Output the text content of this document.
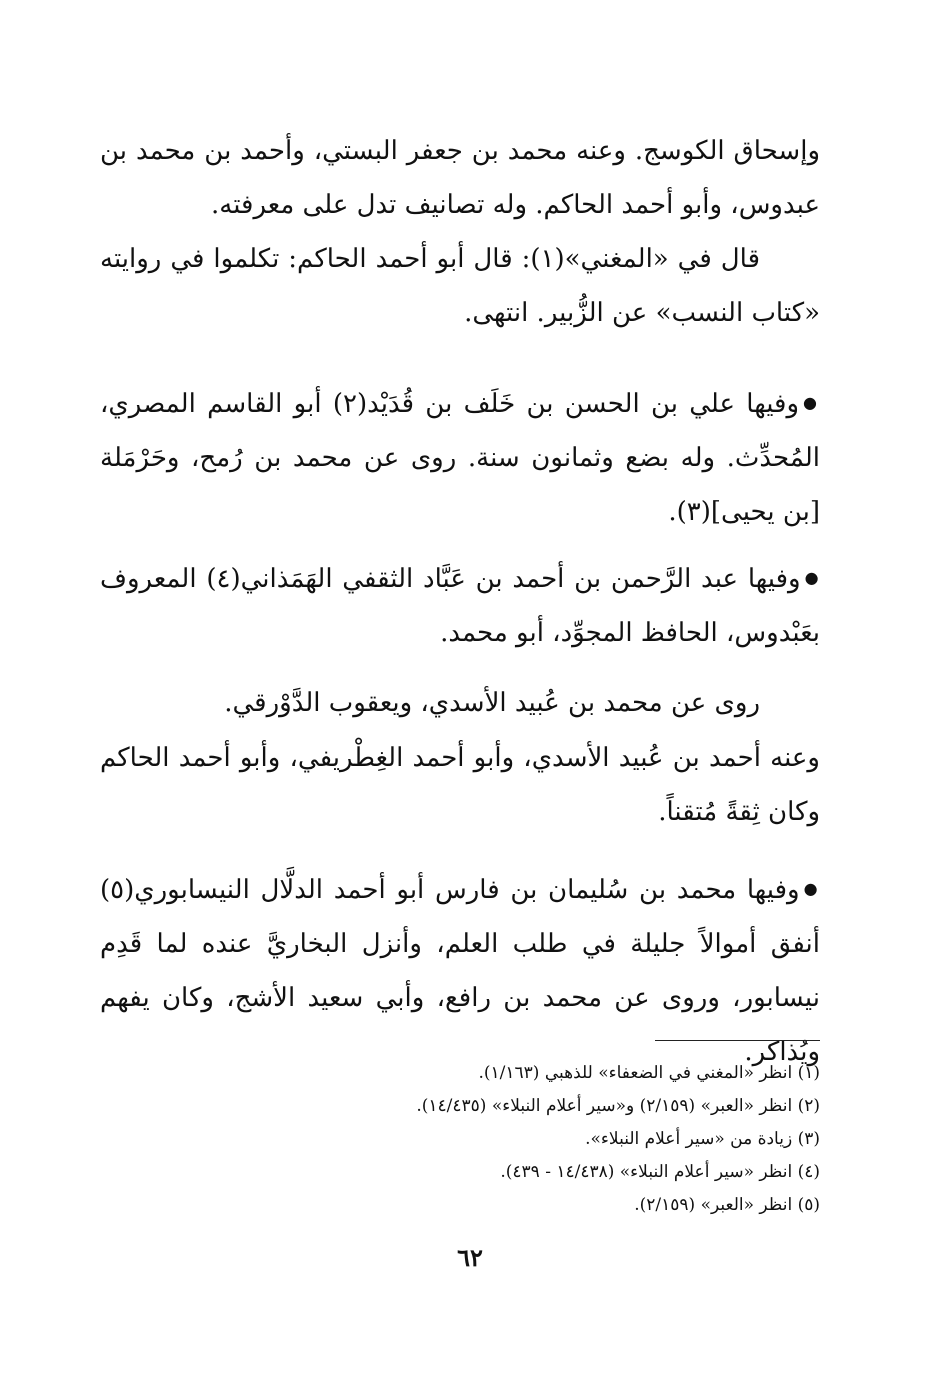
وإسحاق الكوسج. وعنه محمد بن جعفر البستي، وأحمد بن محمد بن عبدوس، وأبو أحمد الحاكم. وله تصانيف تدل على معرفته.

قال في «المغني»(١): قال أبو أحمد الحاكم: تكلموا في روايته «كتاب النسب» عن الزُّبير. انتهى.

● وفيها علي بن الحسن بن خَلَف بن قُدَيْد(٢) أبو القاسم المصري، المُحدِّث. وله بضع وثمانون سنة. روى عن محمد بن رُمح، وحَرْمَلة [بن يحيى](٣).

● وفيها عبد الرَّحمن بن أحمد بن عَبَّاد الثقفي الهَمَذاني(٤) المعروف بعَبْدوس، الحافظ المجوِّد، أبو محمد.

روى عن محمد بن عُبيد الأسدي، ويعقوب الدَّوْرقي.

وعنه أحمد بن عُبيد الأسدي، وأبو أحمد الغِطْريفي، وأبو أحمد الحاكم وكان ثِقةً مُتقناً.

● وفيها محمد بن سُليمان بن فارس أبو أحمد الدلَّال النيسابوري(٥) أنفق أموالاً جليلة في طلب العلم، وأنزل البخاريَّ عنده لما قَدِم نيسابور، وروى عن محمد بن رافع، وأبي سعيد الأشج، وكان يفهم ويُذاكر.

(١) انظر «المغني في الضعفاء» للذهبي (١/١٦٣).
(٢) انظر «العبر» (٢/١٥٩) و«سير أعلام النبلاء» (١٤/٤٣٥).
(٣) زيادة من «سير أعلام النبلاء».
(٤) انظر «سير أعلام النبلاء» (١٤/٤٣٨ - ٤٣٩).
(٥) انظر «العبر» (٢/١٥٩).
٦٢
